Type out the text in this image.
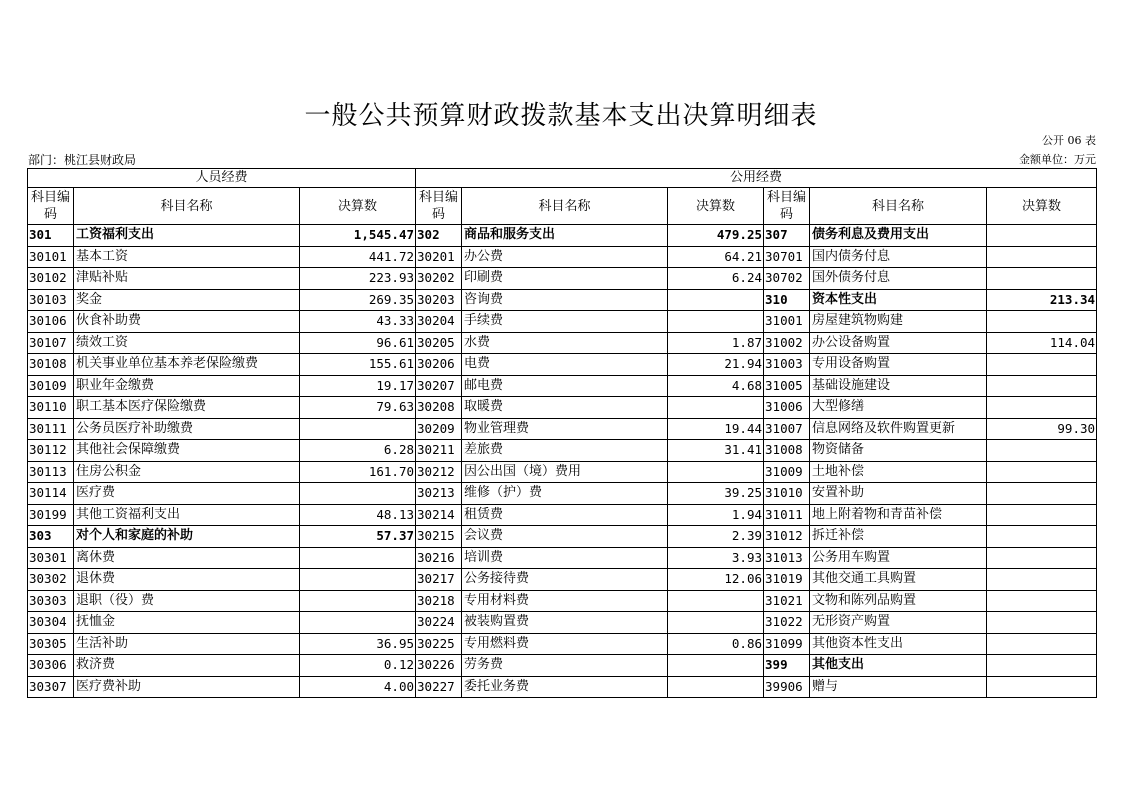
一般公共预算财政拨款基本支出决算明细表
公开 06 表
部门：桃江县财政局	金额单位：万元
人员经费			公用经费					
科目编码	科目名称	决算数	科目编码	科目名称	决算数	科目编码	科目名称	决算数
301	工资福利支出	1,545.47	302	商品和服务支出	479.25	307	债务利息及费用支出	
30101	基本工资	441.72	30201	办公费	64.21	30701	国内债务付息	
30102	津贴补贴	223.93	30202	印刷费	6.24	30702	国外债务付息	
30103	奖金	269.35	30203	咨询费		310	资本性支出	213.34
30106	伙食补助费	43.33	30204	手续费		31001	房屋建筑物购建	
30107	绩效工资	96.61	30205	水费	1.87	31002	办公设备购置	114.04
30108	机关事业单位基本养老保险缴费	155.61	30206	电费	21.94	31003	专用设备购置	
30109	职业年金缴费	19.17	30207	邮电费	4.68	31005	基础设施建设	
30110	职工基本医疗保险缴费	79.63	30208	取暖费		31006	大型修缮	
30111	公务员医疗补助缴费		30209	物业管理费	19.44	31007	信息网络及软件购置更新	99.30
30112	其他社会保障缴费	6.28	30211	差旅费	31.41	31008	物资储备	
30113	住房公积金	161.70	30212	因公出国（境）费用		31009	土地补偿	
30114	医疗费		30213	维修（护）费	39.25	31010	安置补助	
30199	其他工资福利支出	48.13	30214	租赁费	1.94	31011	地上附着物和青苗补偿	
303	对个人和家庭的补助	57.37	30215	会议费	2.39	31012	拆迁补偿	
30301	离休费		30216	培训费	3.93	31013	公务用车购置	
30302	退休费		30217	公务接待费	12.06	31019	其他交通工具购置	
30303	退职（役）费		30218	专用材料费		31021	文物和陈列品购置	
30304	抚恤金		30224	被装购置费		31022	无形资产购置	
30305	生活补助	36.95	30225	专用燃料费	0.86	31099	其他资本性支出	
30306	救济费	0.12	30226	劳务费		399	其他支出	
30307	医疗费补助	4.00	30227	委托业务费		39906	赠与	
